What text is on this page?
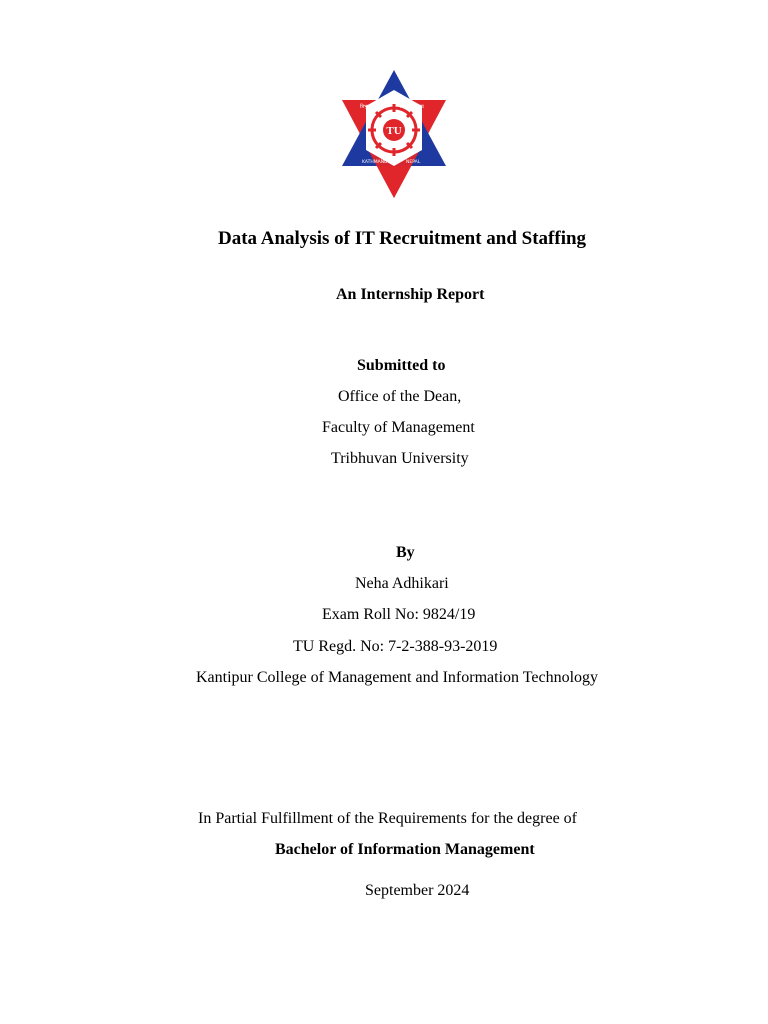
TU
त्रिभुवन	विश्वविद्यालय
KATHMANDU	NEPAL
Data Analysis of IT Recruitment and Staffing
An Internship Report
Submitted to
Office of the Dean,
Faculty of Management
Tribhuvan University
By
Neha Adhikari
Exam Roll No: 9824/19
TU Regd. No: 7-2-388-93-2019
Kantipur College of Management and Information Technology
In Partial Fulfillment of the Requirements for the degree of
Bachelor of Information Management
September 2024
